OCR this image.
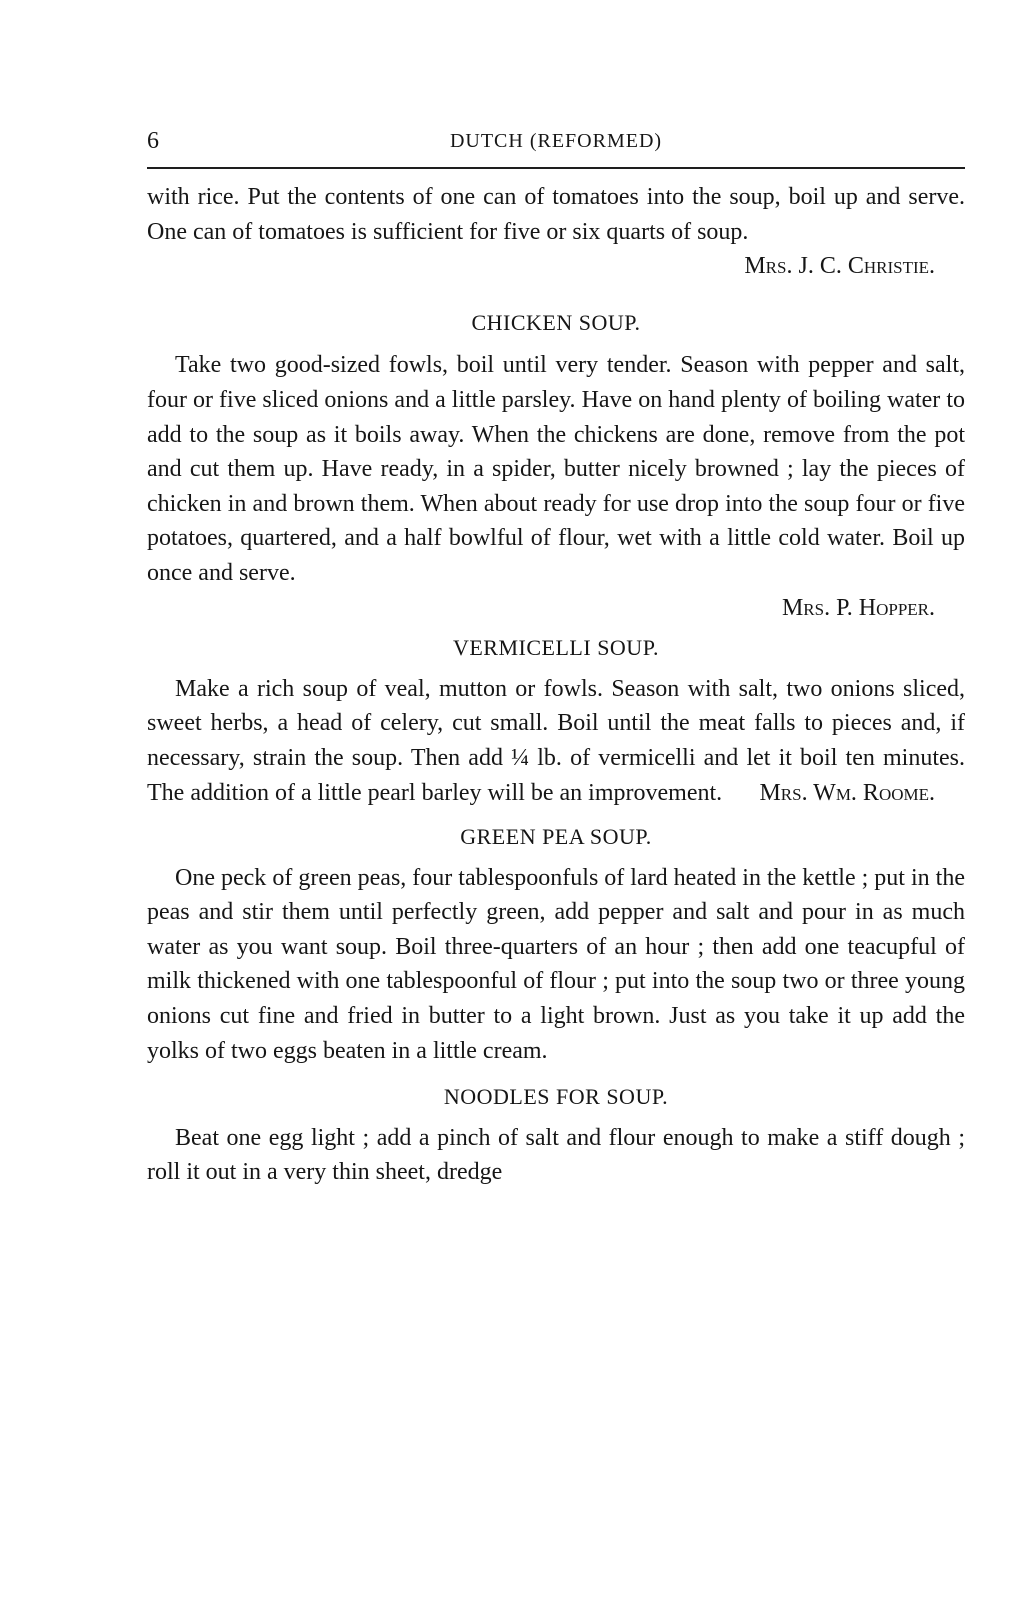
6	DUTCH (REFORMED)

with rice. Put the contents of one can of tomatoes into the soup, boil up and serve. One can of tomatoes is sufficient for five or six quarts of soup.
Mrs. J. C. Christie.

CHICKEN SOUP.

Take two good-sized fowls, boil until very tender. Season with pepper and salt, four or five sliced onions and a little parsley. Have on hand plenty of boiling water to add to the soup as it boils away. When the chickens are done, remove from the pot and cut them up. Have ready, in a spider, butter nicely browned ; lay the pieces of chicken in and brown them. When about ready for use drop into the soup four or five potatoes, quartered, and a half bowlful of flour, wet with a little cold water. Boil up once and serve.

Mrs. P. Hopper.

VERMICELLI SOUP.

Make a rich soup of veal, mutton or fowls. Season with salt, two onions sliced, sweet herbs, a head of celery, cut small. Boil until the meat falls to pieces and, if necessary, strain the soup. Then add ¼ lb. of vermicelli and let it boil ten minutes. The addition of a little pearl barley will be an improvement.	Mrs. Wm. Roome.

GREEN PEA SOUP.

One peck of green peas, four tablespoonfuls of lard heated in the kettle ; put in the peas and stir them until perfectly green, add pepper and salt and pour in as much water as you want soup. Boil three-quarters of an hour ; then add one teacupful of milk thickened with one tablespoonful of flour ; put into the soup two or three young onions cut fine and fried in butter to a light brown. Just as you take it up add the yolks of two eggs beaten in a little cream.

NOODLES FOR SOUP.

Beat one egg light ; add a pinch of salt and flour enough to make a stiff dough ; roll it out in a very thin sheet, dredge
